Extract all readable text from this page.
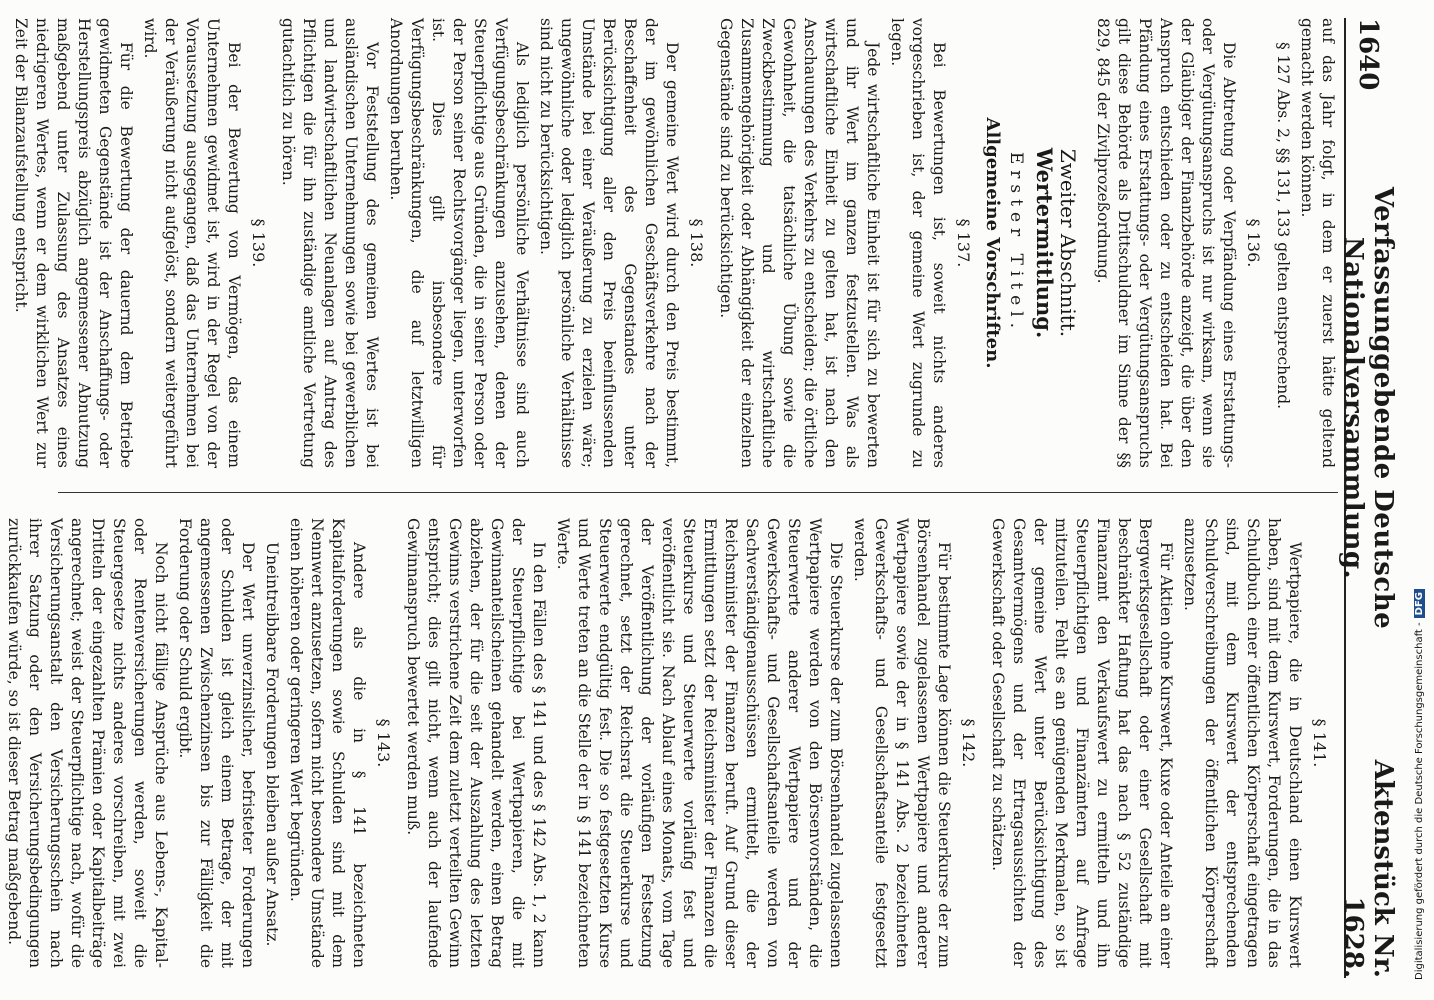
1640
Verfassunggebende Deutsche Nationalversammlung.
Aktenstück Nr. 1628.

auf das Jahr folgt, in dem er zuerst hätte geltend gemacht werden können.

§ 127 Abs. 2, §§ 131, 133 gelten entsprechend.

§ 136.

Die Abtretung oder Verpfändung eines Erstattungs- oder Vergütungsanspruchs ist nur wirksam, wenn sie der Gläubiger der Finanzbehörde anzeigt, die über den Anspruch entschieden oder zu entscheiden hat. Bei Pfändung eines Erstattungs- oder Vergütungsanspruchs gilt diese Behörde als Drittschuldner im Sinne der §§ 829, 845 der Zivilprozeßordnung.

Zweiter Abschnitt.
Wertermittlung.
Erster Titel.
Allgemeine Vorschriften.
§ 137.

Bei Bewertungen ist, soweit nichts anderes vorgeschrieben ist, der gemeine Wert zugrunde zu legen.

Jede wirtschaftliche Einheit ist für sich zu bewerten und ihr Wert im ganzen festzustellen. Was als wirtschaftliche Einheit zu gelten hat, ist nach den Anschauungen des Verkehrs zu entscheiden; die örtliche Gewohnheit, die tatsächliche Übung sowie die Zweckbestimmung und wirtschaftliche Zusammengehörigkeit oder Abhängigkeit der einzelnen Gegenstände sind zu berücksichtigen.

§ 138.

Der gemeine Wert wird durch den Preis bestimmt, der im gewöhnlichen Geschäftsverkehre nach der Beschaffenheit des Gegenstandes unter Berücksichtigung aller den Preis beeinflussenden Umstände bei einer Veräußerung zu erzielen wäre; ungewöhnliche oder lediglich persönliche Verhältnisse sind nicht zu berücksichtigen.

Als lediglich persönliche Verhältnisse sind auch Verfügungsbeschränkungen anzusehen, denen der Steuerpflichtige aus Gründen, die in seiner Person oder der Person seiner Rechtsvorgänger liegen, unterworfen ist. Dies gilt insbesondere für Verfügungsbeschränkungen, die auf letztwilligen Anordnungen beruhen.

Vor Feststellung des gemeinen Wertes ist bei ausländischen Unternehmungen sowie bei gewerblichen und landwirtschaftlichen Neuanlagen auf Antrag des Pflichtigen die für ihn zuständige amtliche Vertretung gutachtlich zu hören.

§ 139.

Bei der Bewertung von Vermögen, das einem Unternehmen gewidmet ist, wird in der Regel von der Voraussetzung ausgegangen, daß das Unternehmen bei der Veräußerung nicht aufgelöst, sondern weitergeführt wird.

Für die Bewertung der dauernd dem Betriebe gewidmeten Gegenstände ist der Anschaffungs- oder Herstellungspreis abzüglich angemessener Abnutzung maßgebend unter Zulassung des Ansatzes eines niedrigeren Wertes, wenn er dem wirklichen Wert zur Zeit der Bilanzaufstellung entspricht.

§ 141.

Wertpapiere, die in Deutschland einen Kurswert haben, sind mit dem Kurswert, Forderungen, die in das Schuldbuch einer öffentlichen Körperschaft eingetragen sind, mit dem Kurswert der entsprechenden Schuldverschreibungen der öffentlichen Körperschaft anzusetzen.

Für Aktien ohne Kurswert, Kuxe oder Anteile an einer Bergwerksgesellschaft oder einer Gesellschaft mit beschränkter Haftung hat das nach § 52 zuständige Finanzamt den Verkaufswert zu ermitteln und ihn Steuerpflichtigen und Finanzämtern auf Anfrage mitzuteilen. Fehlt es an genügenden Merkmalen, so ist der gemeine Wert unter Berücksichtigung des Gesamtvermögens und der Ertragsaussichten der Gewerkschaft oder Gesellschaft zu schätzen.

§ 142.

Für bestimmte Lage können die Steuerkurse der zum Börsenhandel zugelassenen Wertpapiere und anderer Wertpapiere sowie der in § 141 Abs. 2 bezeichneten Gewerkschafts- und Gesellschaftsanteile festgesetzt werden.

Die Steuerkurse der zum Börsenhandel zugelassenen Wertpapiere werden von den Börsenvorständen, die Steuerwerte anderer Wertpapiere und der Gewerkschafts- und Gesellschaftsanteile werden von Sachverständigenausschüssen ermittelt, die der Reichsminister der Finanzen beruft. Auf Grund dieser Ermittlungen setzt der Reichsminister der Finanzen die Steuerkurse und Steuerwerte vorläufig fest und veröffentlicht sie. Nach Ablauf eines Monats, vom Tage der Veröffentlichung der vorläufigen Festsetzung gerechnet, setzt der Reichsrat die Steuerkurse und Steuerwerte endgültig fest. Die so festgesetzten Kurse und Werte treten an die Stelle der in § 141 bezeichneten Werte.

In den Fällen des § 141 und des § 142 Abs. 1, 2 kann der Steuerpflichtige bei Wertpapieren, die mit Gewinnanteilscheinen gehandelt werden, einen Betrag abziehen, der für die seit der Auszahlung des letzten Gewinns verstrichene Zeit dem zuletzt verteilten Gewinn entspricht; dies gilt nicht, wenn auch der laufende Gewinnanspruch bewertet werden muß.

§ 143.

Andere als die in § 141 bezeichneten Kapitalforderungen sowie Schulden sind mit dem Nennwert anzusetzen, sofern nicht besondere Umstände einen höheren oder geringeren Wert begründen.

Uneintreibbare Forderungen bleiben außer Ansatz.

Der Wert unverzinslicher, befristeter Forderungen oder Schulden ist gleich einem Betrage, der mit angemessenen Zwischenzinsen bis zur Fälligkeit die Forderung oder Schuld ergibt.

Noch nicht fällige Ansprüche aus Lebens-, Kapital- oder Rentenversicherungen werden, soweit die Steuergesetze nichts anderes vorschreiben, mit zwei Dritteln der eingezahlten Prämien oder Kapitalbeiträge angerechnet; weist der Steuerpflichtige nach, wofür die Versicherungsanstalt den Versicherungsschein nach ihrer Satzung oder den Versicherungsbedingungen zurückkaufen würde, so ist dieser Betrag maßgebend.	Digitalisierung gefördert durch die Deutsche Forschungsgemeinschaft -DFG
